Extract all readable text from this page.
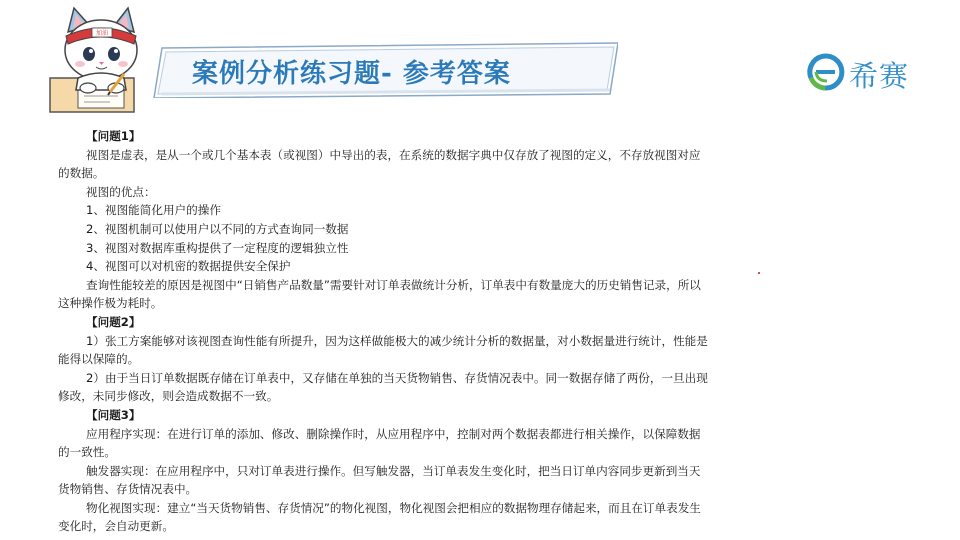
案例分析练习题- 参考答案
加油
希赛

【问题1】

视图是虚表，是从一个或几个基本表（或视图）中导出的表，在系统的数据字典中仅存放了视图的定义，不存放视图对应的数据。

视图的优点：

1、视图能简化用户的操作

2、视图机制可以使用户以不同的方式查询同一数据

3、视图对数据库重构提供了一定程度的逻辑独立性

4、视图可以对机密的数据提供安全保护

查询性能较差的原因是视图中“日销售产品数量”需要针对订单表做统计分析，订单表中有数量庞大的历史销售记录，所以这种操作极为耗时。

【问题2】

1）张工方案能够对该视图查询性能有所提升，因为这样做能极大的减少统计分析的数据量，对小数据量进行统计，性能是能得以保障的。

2）由于当日订单数据既存储在订单表中，又存储在单独的当天货物销售、存货情况表中。同一数据存储了两份，一旦出现修改，未同步修改，则会造成数据不一致。

【问题3】

应用程序实现：在进行订单的添加、修改、删除操作时，从应用程序中，控制对两个数据表都进行相关操作，以保障数据的一致性。

触发器实现：在应用程序中，只对订单表进行操作。但写触发器，当订单表发生变化时，把当日订单内容同步更新到当天货物销售、存货情况表中。

物化视图实现：建立“当天货物销售、存货情况”的物化视图，物化视图会把相应的数据物理存储起来，而且在订单表发生变化时，会自动更新。
